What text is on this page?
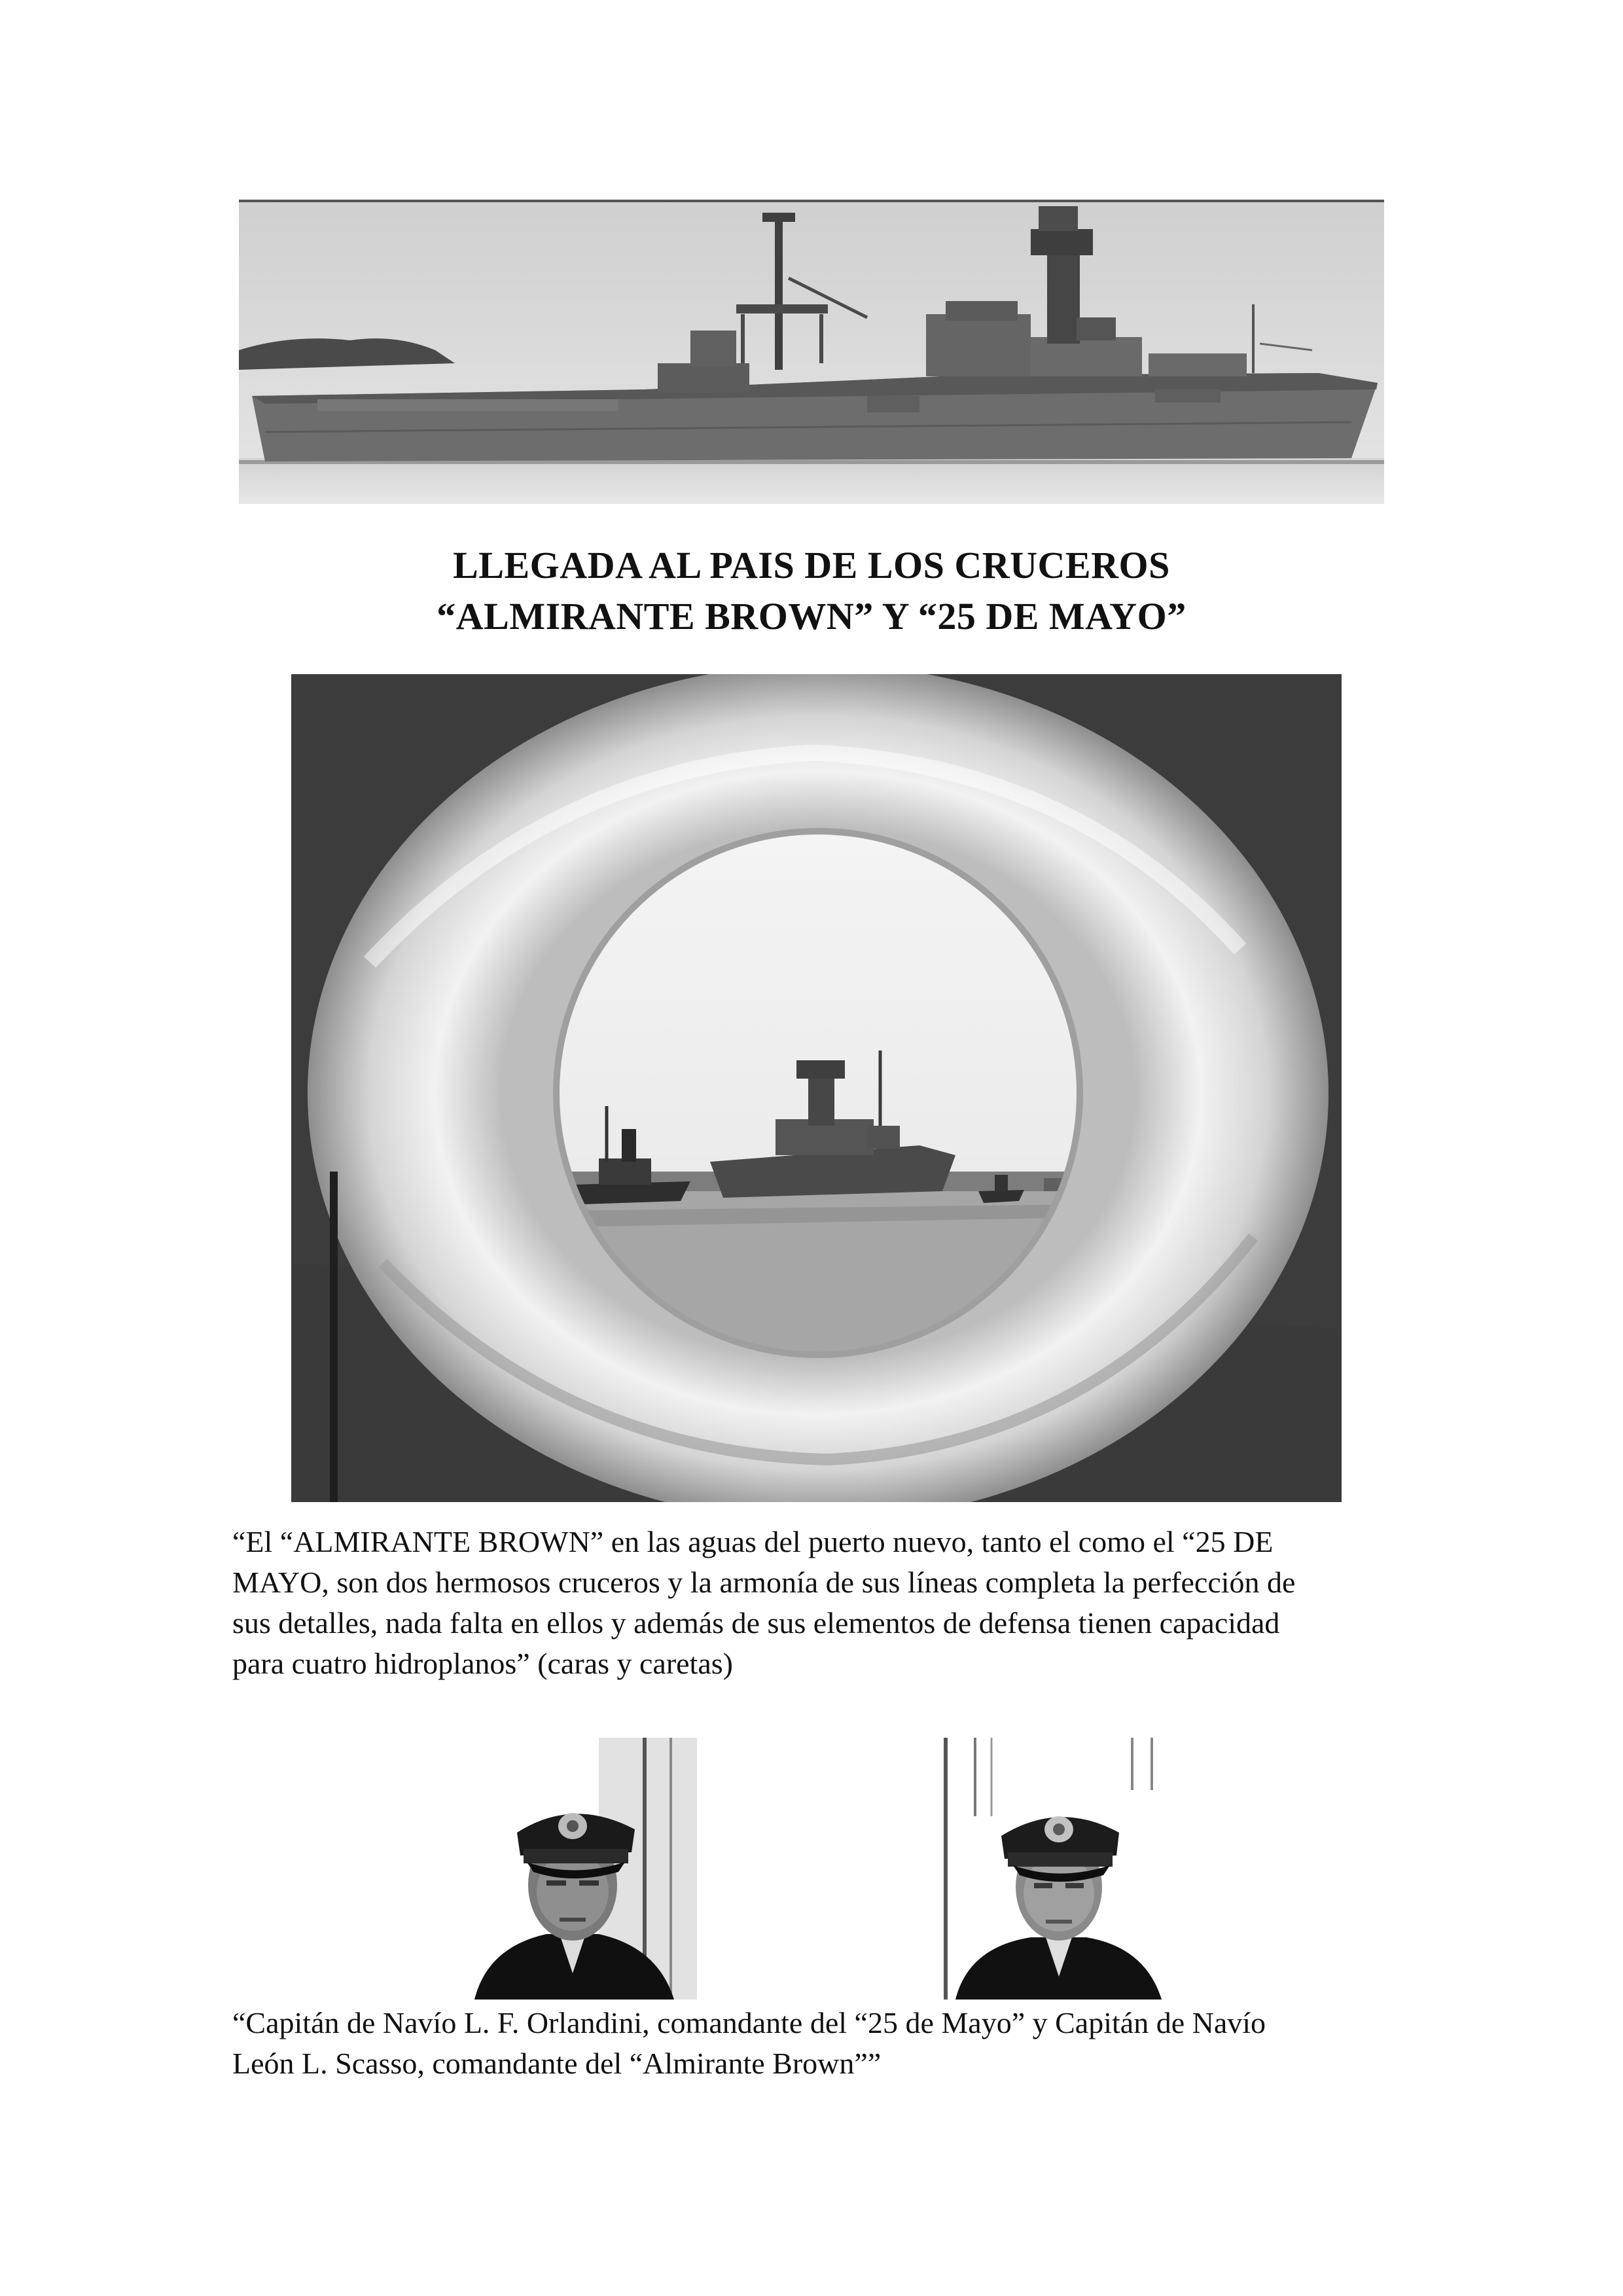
LLEGADA AL PAIS DE LOS CRUCEROS
“ALMIRANTE BROWN” Y “25 DE MAYO”
“El “ALMIRANTE BROWN” en las aguas del puerto nuevo, tanto el como el “25 DE
MAYO, son dos hermosos cruceros y la armonía de sus líneas completa la perfección de
sus detalles, nada falta en ellos y además de sus elementos de defensa tienen capacidad
para cuatro hidroplanos” (caras y caretas)
“Capitán de Navío L. F. Orlandini, comandante del “25 de Mayo” y Capitán de Navío
León L. Scasso, comandante del “Almirante Brown””
